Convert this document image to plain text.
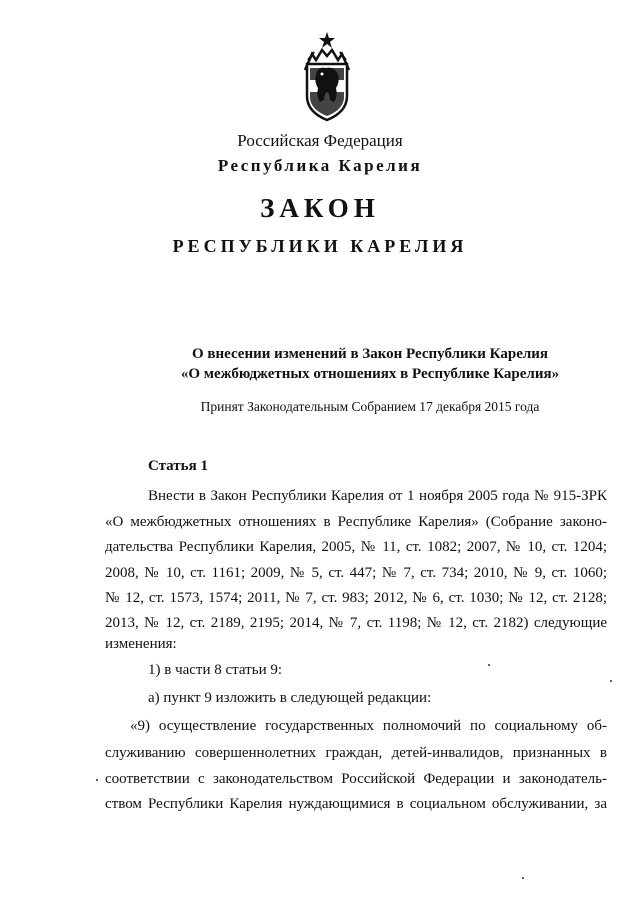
Российская Федерация
Республика Карелия
ЗАКОН
РЕСПУБЛИКИ КАРЕЛИЯ
О внесении изменений в Закон Республики Карелия
«О межбюджетных отношениях в Республике Карелия»
Принят Законодательным Собранием 17 декабря 2015 года
Статья 1
Внести в Закон Республики Карелия от 1 ноября 2005 года № 915-ЗРК
«О межбюджетных отношениях в Республике Карелия» (Собрание законо-
дательства Республики Карелия, 2005, № 11, ст. 1082; 2007, № 10, ст. 1204;
2008, № 10, ст. 1161; 2009, № 5, ст. 447; № 7, ст. 734; 2010, № 9, ст. 1060;
№ 12, ст. 1573, 1574; 2011, № 7, ст. 983; 2012, № 6, ст. 1030; № 12, ст. 2128;
2013, № 12, ст. 2189, 2195; 2014, № 7, ст. 1198; № 12, ст. 2182) следующие
изменения:
1) в части 8 статьи 9:
а) пункт 9 изложить в следующей редакции:
«9) осуществление государственных полномочий по социальному об-
служиванию совершеннолетних граждан, детей-инвалидов, признанных в
соответствии с законодательством Российской Федерации и законодатель-
ством Республики Карелия нуждающимися в социальном обслуживании, за
